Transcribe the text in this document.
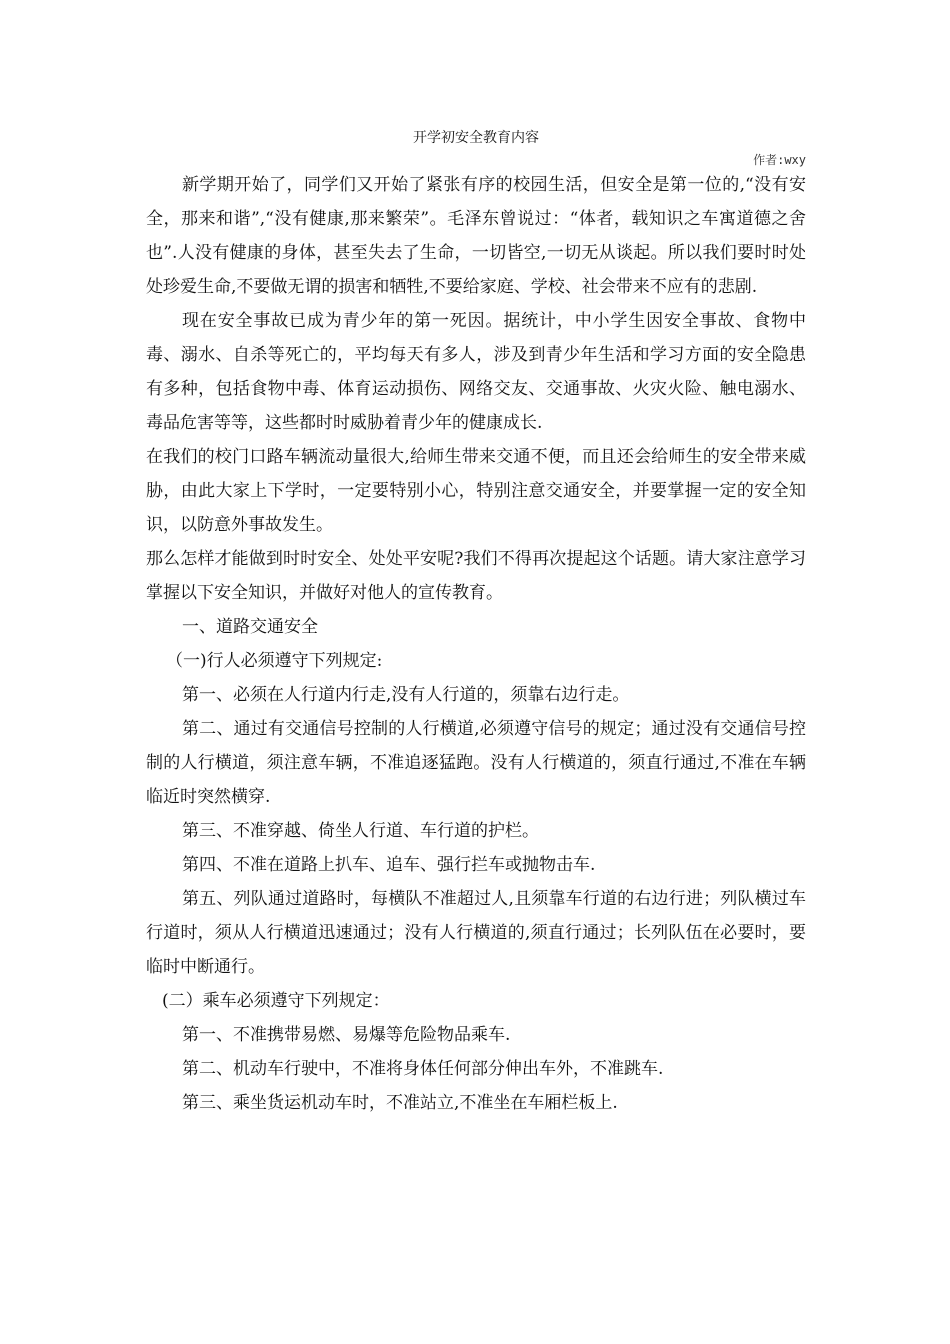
开学初安全教育内容
作者:wxy

新学期开始了，同学们又开始了紧张有序的校园生活，但安全是第一位的,“没有安全，那来和谐”,“没有健康,那来繁荣”。毛泽东曾说过：“体者，载知识之车寓道德之舍也”.人没有健康的身体，甚至失去了生命，一切皆空,一切无从谈起。所以我们要时时处处珍爱生命,不要做无谓的损害和牺牲,不要给家庭、学校、社会带来不应有的悲剧.

现在安全事故已成为青少年的第一死因。据统计，中小学生因安全事故、食物中毒、溺水、自杀等死亡的，平均每天有多人，涉及到青少年生活和学习方面的安全隐患有多种，包括食物中毒、体育运动损伤、网络交友、交通事故、火灾火险、触电溺水、毒品危害等等，这些都时时威胁着青少年的健康成长.

在我们的校门口路车辆流动量很大,给师生带来交通不便，而且还会给师生的安全带来威胁，由此大家上下学时，一定要特别小心，特别注意交通安全，并要掌握一定的安全知识，以防意外事故发生。

那么怎样才能做到时时安全、处处平安呢?我们不得再次提起这个话题。请大家注意学习掌握以下安全知识，并做好对他人的宣传教育。

一、道路交通安全

（一)行人必须遵守下列规定:

第一、必须在人行道内行走,没有人行道的，须靠右边行走。

第二、通过有交通信号控制的人行横道,必须遵守信号的规定；通过没有交通信号控制的人行横道，须注意车辆，不准追逐猛跑。没有人行横道的，须直行通过,不准在车辆临近时突然横穿.

第三、不准穿越、倚坐人行道、车行道的护栏。

第四、不准在道路上扒车、追车、强行拦车或抛物击车.

第五、列队通过道路时，每横队不准超过人,且须靠车行道的右边行进；列队横过车行道时，须从人行横道迅速通过；没有人行横道的,须直行通过；长列队伍在必要时，要临时中断通行。

(二）乘车必须遵守下列规定：

第一、不准携带易燃、易爆等危险物品乘车.

第二、机动车行驶中，不准将身体任何部分伸出车外，不准跳车.

第三、乘坐货运机动车时，不准站立,不准坐在车厢栏板上.
